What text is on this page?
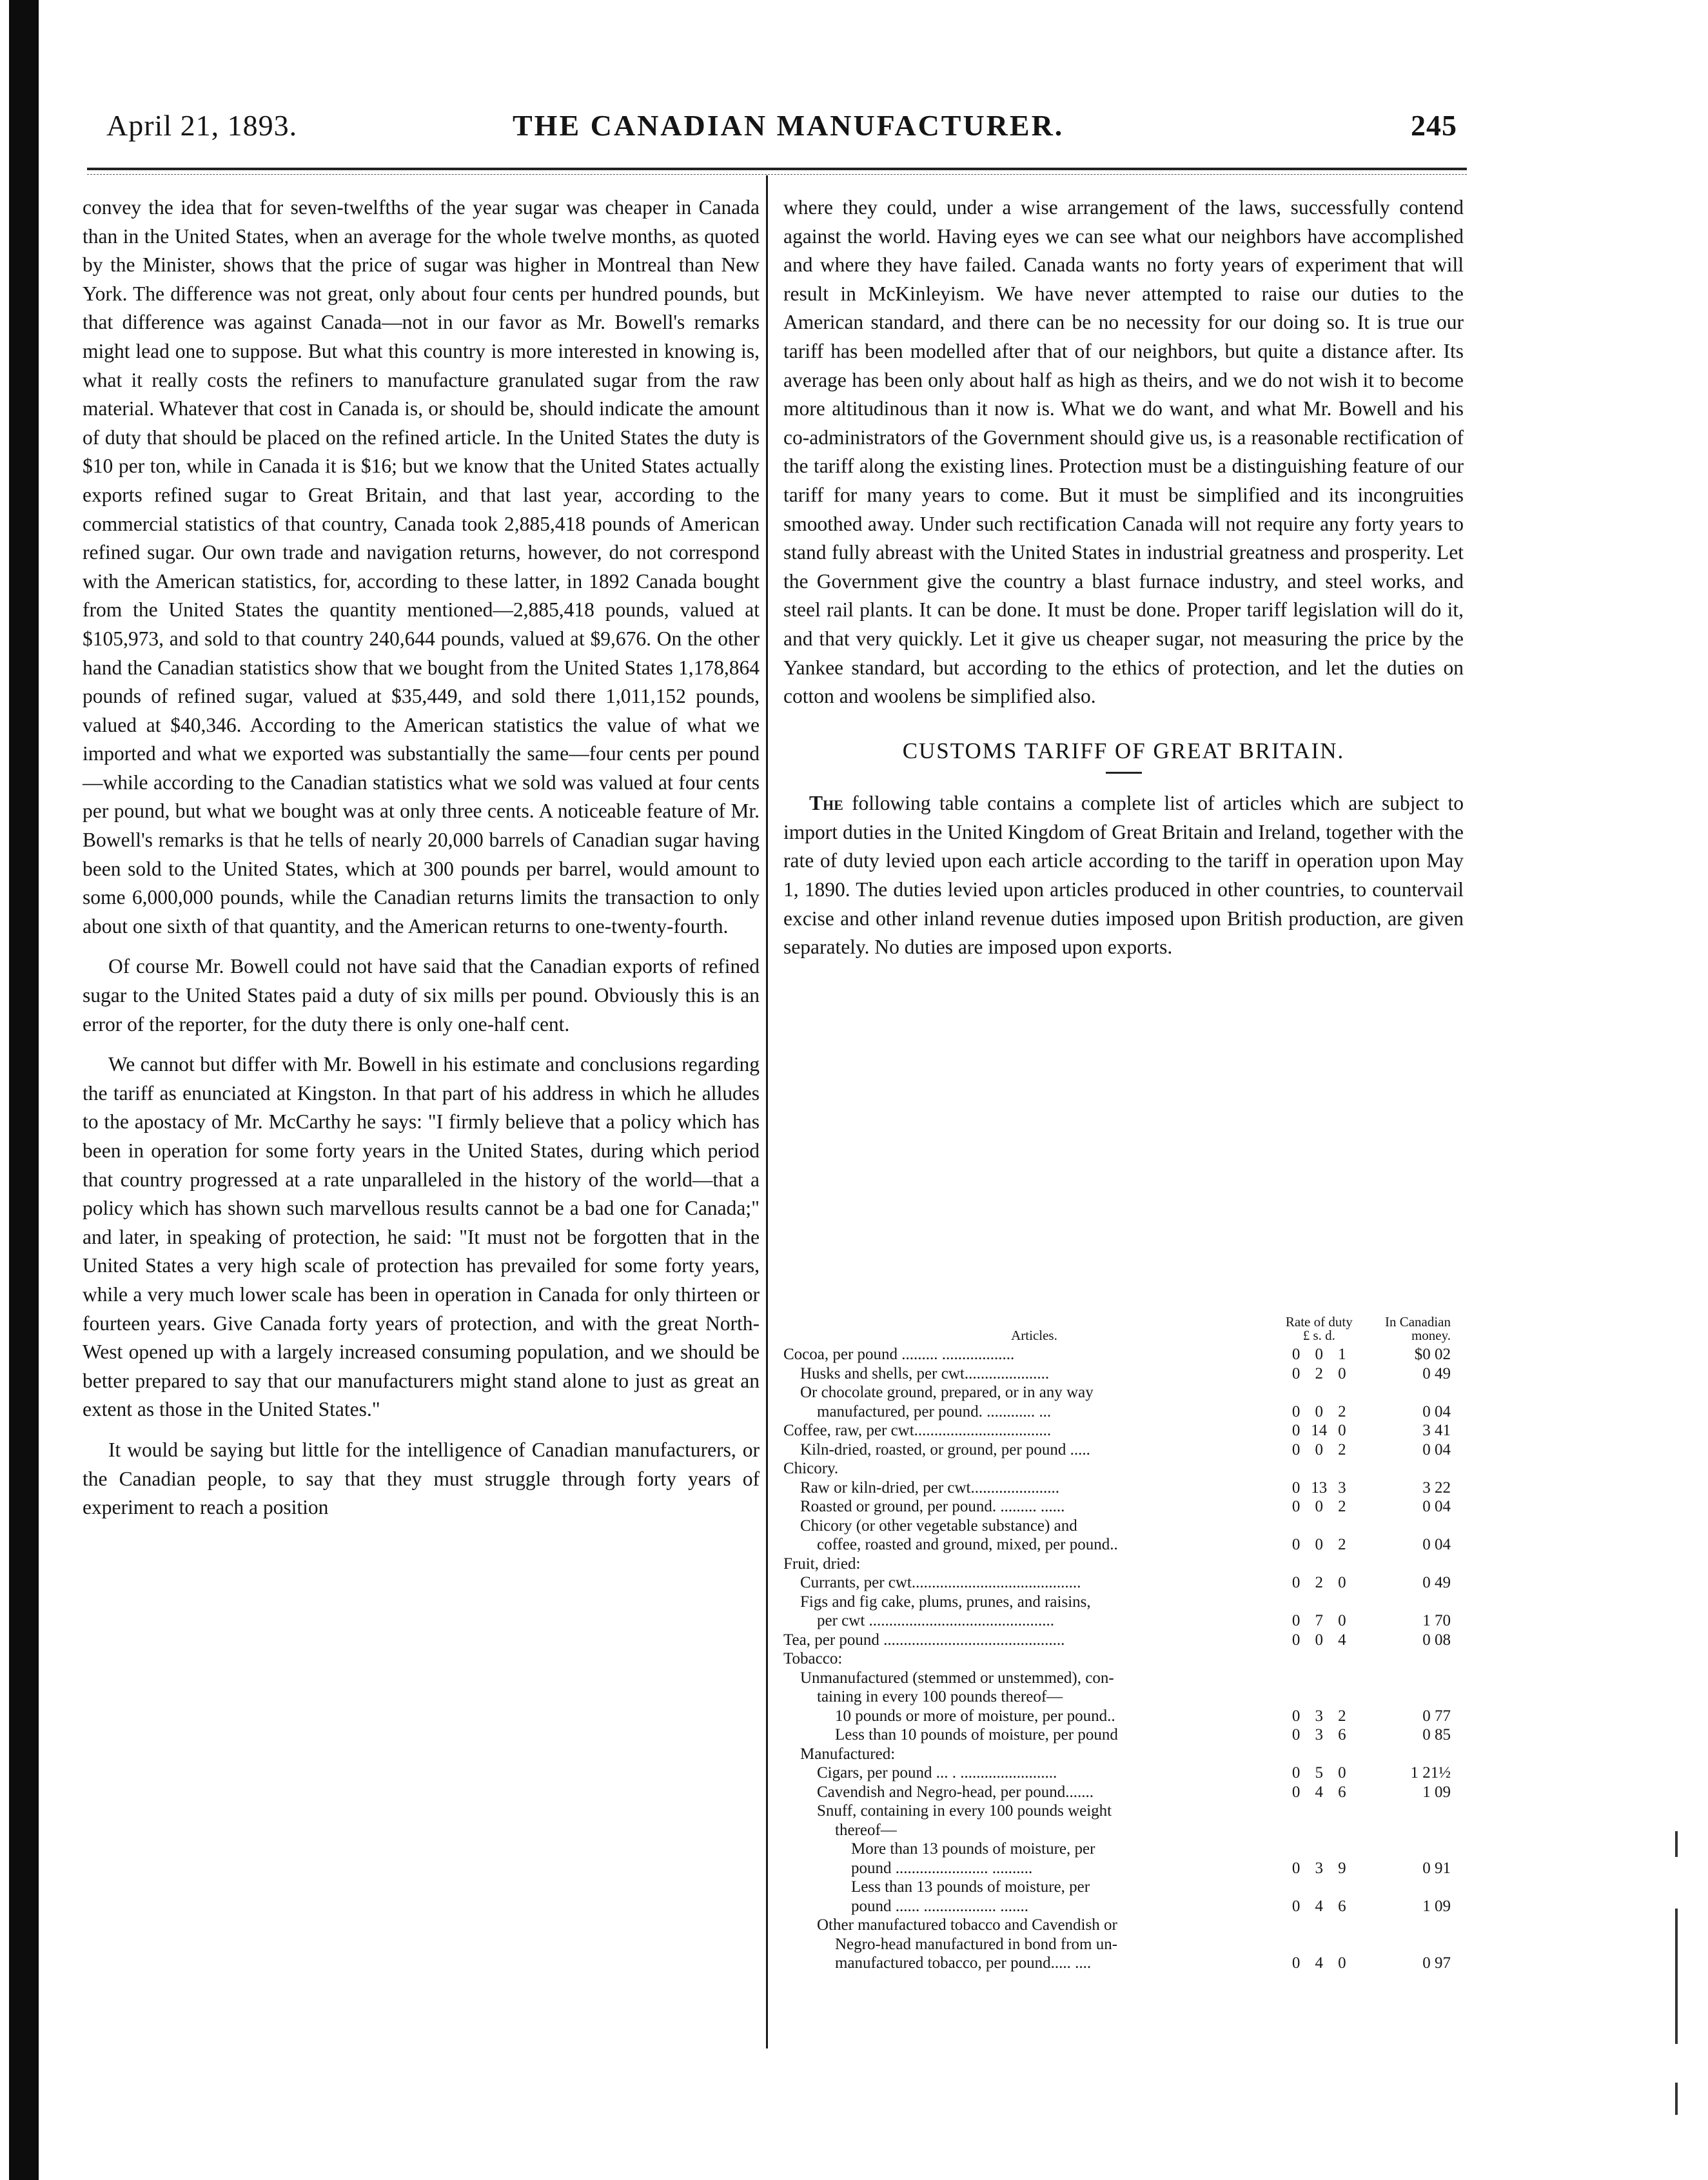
April 21, 1893.	THE CANADIAN MANUFACTURER.	245

convey the idea that for seven-twelfths of the year sugar was cheaper in Canada than in the United States, when an average for the whole twelve months, as quoted by the Minister, shows that the price of sugar was higher in Montreal than New York. The difference was not great, only about four cents per hundred pounds, but that difference was against Canada—not in our favor as Mr. Bowell's remarks might lead one to suppose. But what this country is more interested in knowing is, what it really costs the refiners to manufacture granulated sugar from the raw material. Whatever that cost in Canada is, or should be, should indicate the amount of duty that should be placed on the refined article. In the United States the duty is $10 per ton, while in Canada it is $16; but we know that the United States actually exports refined sugar to Great Britain, and that last year, according to the commercial statistics of that country, Canada took 2,885,418 pounds of American refined sugar. Our own trade and navigation returns, however, do not correspond with the American statistics, for, according to these latter, in 1892 Canada bought from the United States the quantity mentioned—2,885,418 pounds, valued at $105,973, and sold to that country 240,644 pounds, valued at $9,676. On the other hand the Canadian statistics show that we bought from the United States 1,178,864 pounds of refined sugar, valued at $35,449, and sold there 1,011,152 pounds, valued at $40,346. According to the American statistics the value of what we imported and what we exported was substantially the same—four cents per pound—while according to the Canadian statistics what we sold was valued at four cents per pound, but what we bought was at only three cents. A noticeable feature of Mr. Bowell's remarks is that he tells of nearly 20,000 barrels of Canadian sugar having been sold to the United States, which at 300 pounds per barrel, would amount to some 6,000,000 pounds, while the Canadian returns limits the transaction to only about one sixth of that quantity, and the American returns to one-twenty-fourth.

Of course Mr. Bowell could not have said that the Canadian exports of refined sugar to the United States paid a duty of six mills per pound. Obviously this is an error of the reporter, for the duty there is only one-half cent.

We cannot but differ with Mr. Bowell in his estimate and conclusions regarding the tariff as enunciated at Kingston. In that part of his address in which he alludes to the apostacy of Mr. McCarthy he says: "I firmly believe that a policy which has been in operation for some forty years in the United States, during which period that country progressed at a rate unparalleled in the history of the world—that a policy which has shown such marvellous results cannot be a bad one for Canada;" and later, in speaking of protection, he said: "It must not be forgotten that in the United States a very high scale of protection has prevailed for some forty years, while a very much lower scale has been in operation in Canada for only thirteen or fourteen years. Give Canada forty years of protection, and with the great North-West opened up with a largely increased consuming population, and we should be better prepared to say that our manufacturers might stand alone to just as great an extent as those in the United States."

It would be saying but little for the intelligence of Canadian manufacturers, or the Canadian people, to say that they must struggle through forty years of experiment to reach a position

where they could, under a wise arrangement of the laws, successfully contend against the world. Having eyes we can see what our neighbors have accomplished and where they have failed. Canada wants no forty years of experiment that will result in McKinleyism. We have never attempted to raise our duties to the American standard, and there can be no necessity for our doing so. It is true our tariff has been modelled after that of our neighbors, but quite a distance after. Its average has been only about half as high as theirs, and we do not wish it to become more altitudinous than it now is. What we do want, and what Mr. Bowell and his co-administrators of the Government should give us, is a reasonable rectification of the tariff along the existing lines. Protection must be a distinguishing feature of our tariff for many years to come. But it must be simplified and its incongruities smoothed away. Under such rectification Canada will not require any forty years to stand fully abreast with the United States in industrial greatness and prosperity. Let the Government give the country a blast furnace industry, and steel works, and steel rail plants. It can be done. It must be done. Proper tariff legislation will do it, and that very quickly. Let it give us cheaper sugar, not measuring the price by the Yankee standard, but according to the ethics of protection, and let the duties on cotton and woolens be simplified also.

CUSTOMS TARIFF OF GREAT BRITAIN.

The following table contains a complete list of articles which are subject to import duties in the United Kingdom of Great Britain and Ireland, together with the rate of duty levied upon each article according to the tariff in operation upon May 1, 1890. The duties levied upon articles produced in other countries, to countervail excise and other inland revenue duties imposed upon British production, are given separately. No duties are imposed upon exports.

Articles.	Rate of duty
£ s. d.			In Canadian money.
Cocoa, per pound ......... ..................	0	0	1	$0 02
Husks and shells, per cwt.....................	0	2	0	0 49
Or chocolate ground, prepared, or in any way				
manufactured, per pound. ............ ...	0	0	2	0 04
Coffee, raw, per cwt..................................	0	14	0	3 41
Kiln-dried, roasted, or ground, per pound .....	0	0	2	0 04
Chicory.				
Raw or kiln-dried, per cwt......................	0	13	3	3 22
Roasted or ground, per pound. ......... ......	0	0	2	0 04
Chicory (or other vegetable substance) and				
coffee, roasted and ground, mixed, per pound..	0	0	2	0 04
Fruit, dried:				
Currants, per cwt..........................................	0	2	0	0 49
Figs and fig cake, plums, prunes, and raisins,				
per cwt ..............................................	0	7	0	1 70
Tea, per pound .............................................	0	0	4	0 08
Tobacco:				
Unmanufactured (stemmed or unstemmed), con-				
taining in every 100 pounds thereof—				
10 pounds or more of moisture, per pound..	0	3	2	0 77
Less than 10 pounds of moisture, per pound	0	3	6	0 85
Manufactured:				
Cigars, per pound ... . ........................	0	5	0	1 21½
Cavendish and Negro-head, per pound.......	0	4	6	1 09
Snuff, containing in every 100 pounds weight				
thereof—				
More than 13 pounds of moisture, per				
pound ....................... ..........	0	3	9	0 91
Less than 13 pounds of moisture, per				
pound ...... .................. .......	0	4	6	1 09
Other manufactured tobacco and Cavendish or				
Negro-head manufactured in bond from un-				
manufactured tobacco, per pound..... ....	0	4	0	0 97
